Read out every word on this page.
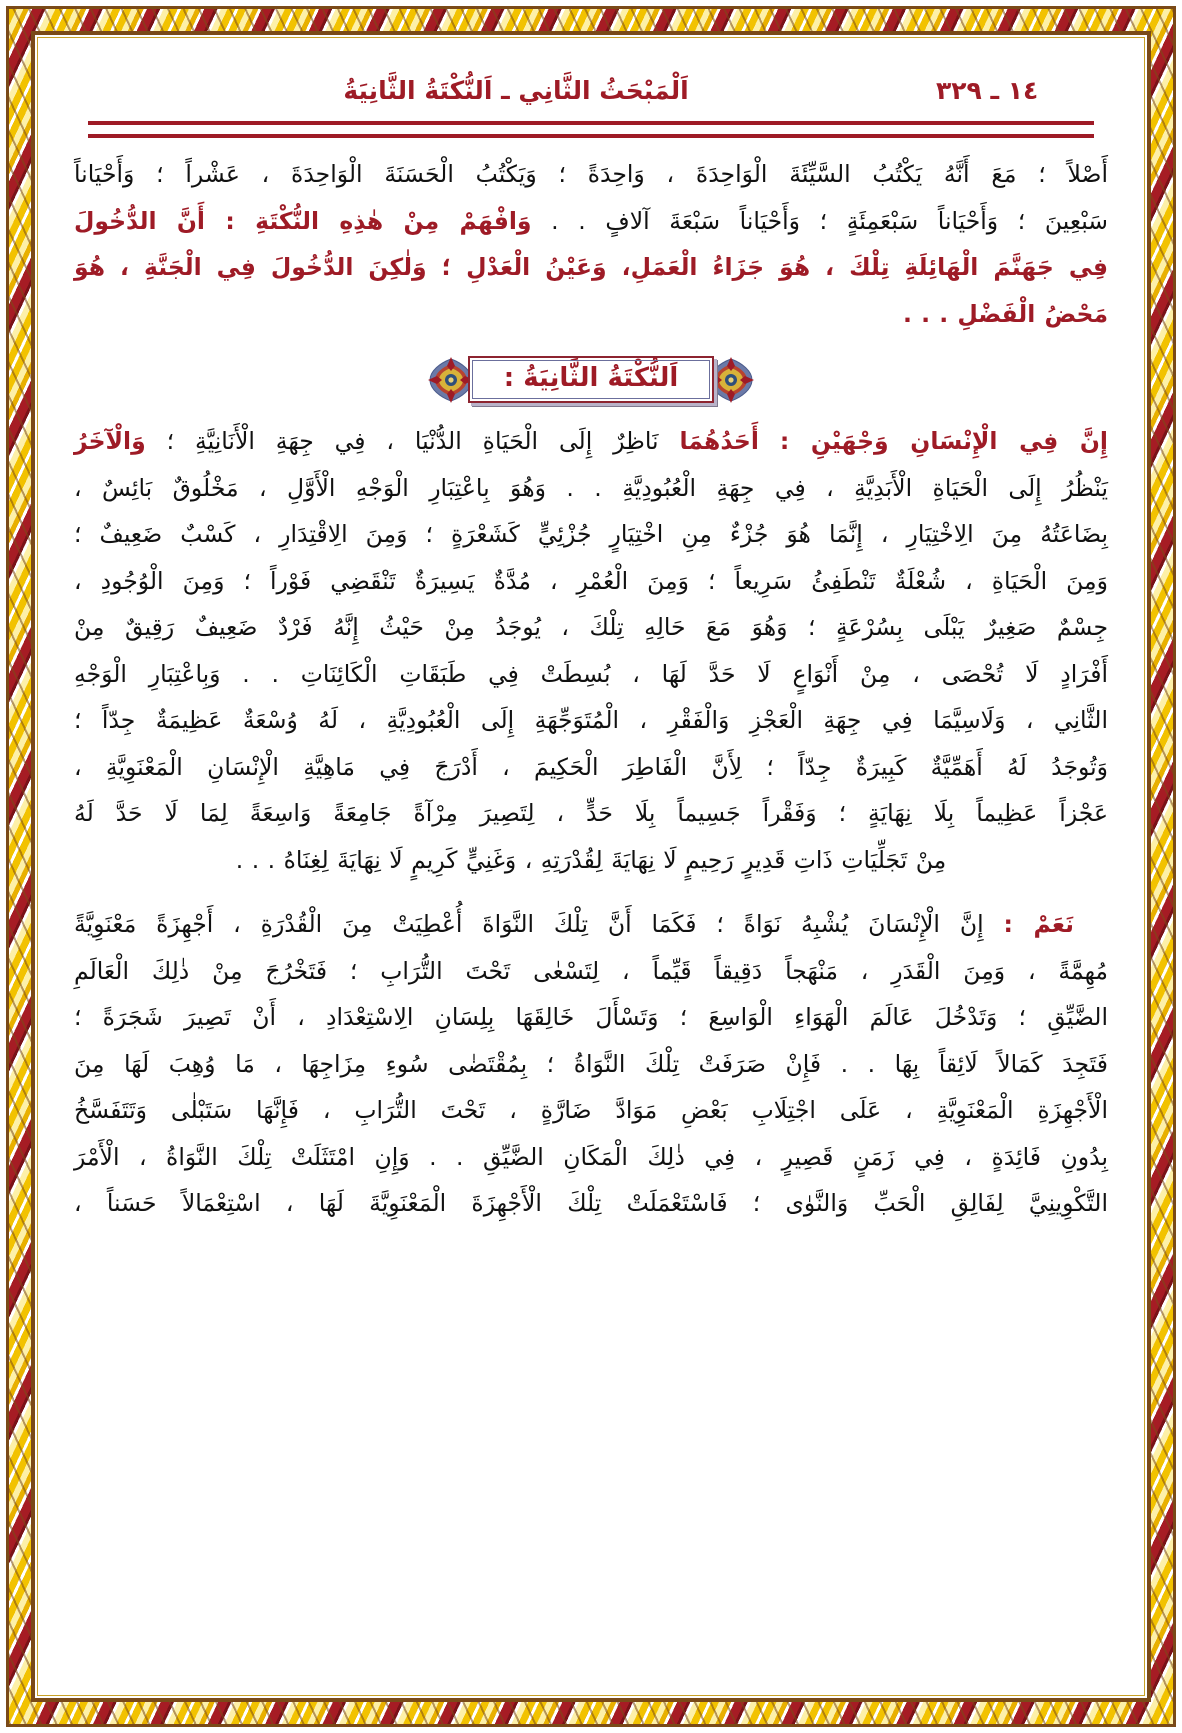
اَلْمَبْحَثُ الثَّانِي ـ اَلنُّكْتَةُ الثَّانِيَةُ	١٤ ـ ٣٢٩

أَصْلاً ؛ مَعَ أَنَّهُ يَكْتُبُ السَّيِّئَةَ الْوَاحِدَةَ ، وَاحِدَةً ؛ وَيَكْتُبُ الْحَسَنَةَ الْوَاحِدَةَ ، عَشْراً ؛ وَأَحْيَاناً

سَبْعِينَ ؛ وَأَحْيَاناً سَبْعَمِئَةٍ ؛ وَأَحْيَاناً سَبْعَةَ آلافٍ . . وَافْهَمْ مِنْ هٰذِهِ النُّكْتَةِ : أَنَّ الدُّخُولَ

فِي جَهَنَّمَ الْهَائِلَةِ تِلْكَ ، هُوَ جَزَاءُ الْعَمَلِ، وَعَيْنُ الْعَدْلِ ؛ وَلٰكِنَ الدُّخُولَ فِي الْجَنَّةِ ، هُوَ

مَحْضُ الْفَضْلِ . . .

اَلنُّكْتَةُ الثَّانِيَةُ :

إِنَّ فِي الْإِنْسَانِ وَجْهَيْنِ : أَحَدُهُمَا نَاظِرٌ إِلَى الْحَيَاةِ الدُّنْيَا ، فِي جِهَةِ الْأَنَانِيَّةِ ؛ وَالْآخَرُ

يَنْظُرُ إِلَى الْحَيَاةِ الْأَبَدِيَّةِ ، فِي جِهَةِ الْعُبُودِيَّةِ . . وَهُوَ بِاعْتِبَارِ الْوَجْهِ الْأَوَّلِ ، مَخْلُوقٌ بَائِسٌ ،

بِضَاعَتُهُ مِنَ الِاخْتِيَارِ ، إِنَّمَا هُوَ جُزْءٌ مِنِ اخْتِيَارٍ جُزْئِيٍّ كَشَعْرَةٍ ؛ وَمِنَ الِاقْتِدَارِ ، كَسْبٌ ضَعِيفٌ ؛

وَمِنَ الْحَيَاةِ ، شُعْلَةٌ تَنْطَفِئُ سَرِيعاً ؛ وَمِنَ الْعُمْرِ ، مُدَّةٌ يَسِيرَةٌ تَنْقَضِي فَوْراً ؛ وَمِنَ الْوُجُودِ ،

جِسْمٌ صَغِيرٌ يَبْلَى بِسُرْعَةٍ ؛ وَهُوَ مَعَ حَالِهِ تِلْكَ ، يُوجَدُ مِنْ حَيْثُ إِنَّهُ فَرْدٌ ضَعِيفٌ رَقِيقٌ مِنْ

أَفْرَادٍ لَا تُحْصَى ، مِنْ أَنْوَاعٍ لَا حَدَّ لَهَا ، بُسِطَتْ فِي طَبَقَاتِ الْكَائِنَاتِ . . وَبِاعْتِبَارِ الْوَجْهِ

الثَّانِي ، وَلَاسِيَّمَا فِي جِهَةِ الْعَجْزِ وَالْفَقْرِ ، الْمُتَوَجِّهَةِ إِلَى الْعُبُودِيَّةِ ، لَهُ وُسْعَةٌ عَظِيمَةٌ جِدّاً ؛

وَتُوجَدُ لَهُ أَهَمِّيَّةٌ كَبِيرَةٌ جِدّاً ؛ لِأَنَّ الْفَاطِرَ الْحَكِيمَ ، أَدْرَجَ فِي مَاهِيَّةِ الْإِنْسَانِ الْمَعْنَوِيَّةِ ،

عَجْزاً عَظِيماً بِلَا نِهَايَةٍ ؛ وَفَقْراً جَسِيماً بِلَا حَدٍّ ، لِتَصِيرَ مِرْآةً جَامِعَةً وَاسِعَةً لِمَا لَا حَدَّ لَهُ

مِنْ تَجَلِّيَاتِ ذَاتِ قَدِيرٍ رَحِيمٍ لَا نِهَايَةَ لِقُدْرَتِهِ ، وَغَنِيٍّ كَرِيمٍ لَا نِهَايَةَ لِغِنَاهُ . . .

نَعَمْ : إِنَّ الْإِنْسَانَ يُشْبِهُ نَوَاةً ؛ فَكَمَا أَنَّ تِلْكَ النَّوَاةَ أُعْطِيَتْ مِنَ الْقُدْرَةِ ، أَجْهِزَةً مَعْنَوِيَّةً

مُهِمَّةً ، وَمِنَ الْقَدَرِ ، مَنْهَجاً دَقِيقاً قَيِّماً ، لِتَسْعٰى تَحْتَ التُّرَابِ ؛ فَتَخْرُجَ مِنْ ذٰلِكَ الْعَالَمِ

الضَّيِّقِ ؛ وَتَدْخُلَ عَالَمَ الْهَوَاءِ الْوَاسِعَ ؛ وَتَسْأَلَ خَالِقَهَا بِلِسَانِ الِاسْتِعْدَادِ ، أَنْ تَصِيرَ شَجَرَةً ؛

فَتَجِدَ كَمَالاً لَائِقاً بِهَا . . فَإِنْ صَرَفَتْ تِلْكَ النَّوَاةُ ؛ بِمُقْتَضٰى سُوءِ مِزَاجِهَا ، مَا وُهِبَ لَهَا مِنَ

الْأَجْهِزَةِ الْمَعْنَوِيَّةِ ، عَلَى اجْتِلَابِ بَعْضِ مَوَادَّ ضَارَّةٍ ، تَحْتَ التُّرَابِ ، فَإِنَّهَا سَتَبْلٰى وَتَتَفَسَّخُ

بِدُونِ فَائِدَةٍ ، فِي زَمَنٍ قَصِيرٍ ، فِي ذٰلِكَ الْمَكَانِ الضَّيِّقِ . . وَإِنِ امْتَثَلَتْ تِلْكَ النَّوَاةُ ، الْأَمْرَ

التَّكْوِينِيَّ لِفَالِقِ الْحَبِّ وَالنَّوٰى ؛ فَاسْتَعْمَلَتْ تِلْكَ الْأَجْهِزَةَ الْمَعْنَوِيَّةَ لَهَا ، اسْتِعْمَالاً حَسَناً ،
